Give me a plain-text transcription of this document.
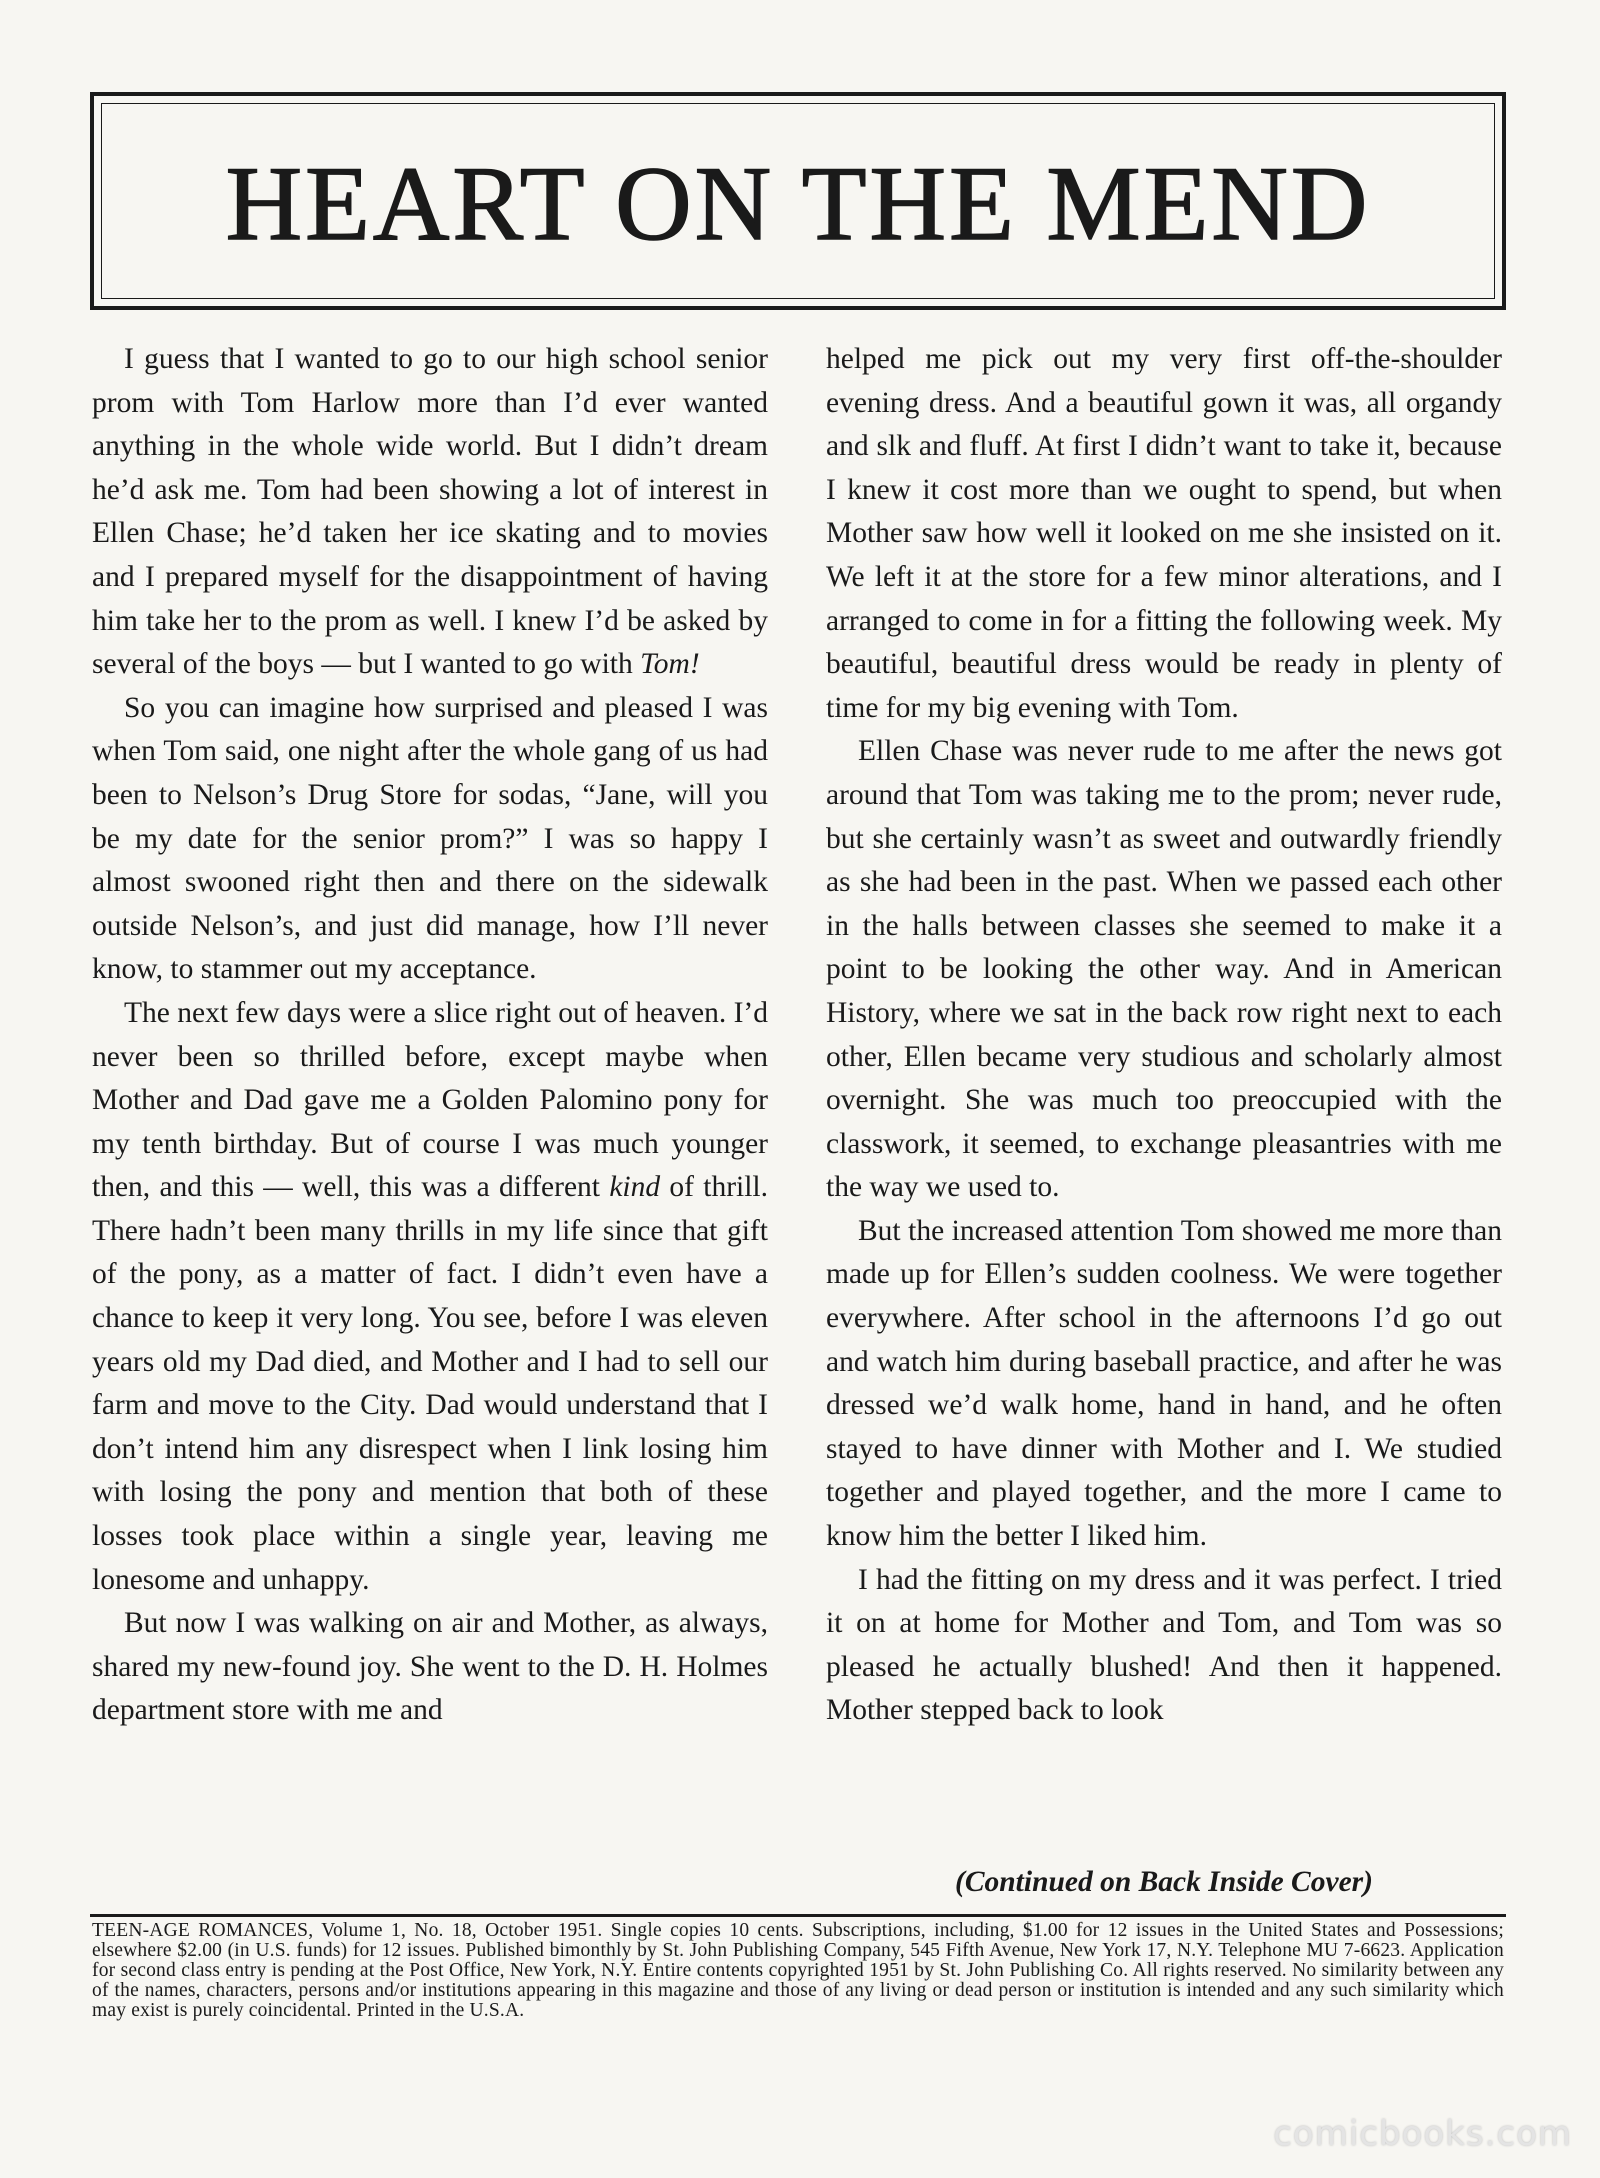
HEART ON THE MEND

I guess that I wanted to go to our high school senior prom with Tom Harlow more than I’d ever wanted anything in the whole wide world. But I didn’t dream he’d ask me. Tom had been showing a lot of interest in Ellen Chase; he’d taken her ice skating and to movies and I prepared myself for the disappointment of having him take her to the prom as well. I knew I’d be asked by several of the boys — but I wanted to go with Tom!

So you can imagine how surprised and pleased I was when Tom said, one night after the whole gang of us had been to Nelson’s Drug Store for sodas, “Jane, will you be my date for the senior prom?” I was so happy I almost swooned right then and there on the sidewalk outside Nelson’s, and just did manage, how I’ll never know, to stammer out my acceptance.

The next few days were a slice right out of heaven. I’d never been so thrilled before, except maybe when Mother and Dad gave me a Golden Palomino pony for my tenth birthday. But of course I was much younger then, and this — well, this was a different kind of thrill. There hadn’t been many thrills in my life since that gift of the pony, as a matter of fact. I didn’t even have a chance to keep it very long. You see, before I was eleven years old my Dad died, and Mother and I had to sell our farm and move to the City. Dad would understand that I don’t intend him any disrespect when I link losing him with losing the pony and mention that both of these losses took place within a single year, leaving me lonesome and unhappy.

But now I was walking on air and Mother, as always, shared my new-found joy. She went to the D. H. Holmes department store with me and

helped me pick out my very first off-the-shoulder evening dress. And a beautiful gown it was, all organdy and slk and fluff. At first I didn’t want to take it, because I knew it cost more than we ought to spend, but when Mother saw how well it looked on me she insisted on it. We left it at the store for a few minor alterations, and I arranged to come in for a fitting the following week. My beautiful, beautiful dress would be ready in plenty of time for my big evening with Tom.

Ellen Chase was never rude to me after the news got around that Tom was taking me to the prom; never rude, but she certainly wasn’t as sweet and outwardly friendly as she had been in the past. When we passed each other in the halls between classes she seemed to make it a point to be looking the other way. And in American History, where we sat in the back row right next to each other, Ellen became very studious and scholarly almost overnight. She was much too preoccupied with the classwork, it seemed, to exchange pleasantries with me the way we used to.

But the increased attention Tom showed me more than made up for Ellen’s sudden coolness. We were together everywhere. After school in the afternoons I’d go out and watch him during baseball practice, and after he was dressed we’d walk home, hand in hand, and he often stayed to have dinner with Mother and I. We studied together and played together, and the more I came to know him the better I liked him.

I had the fitting on my dress and it was perfect. I tried it on at home for Mother and Tom, and Tom was so pleased he actually blushed! And then it happened. Mother stepped back to look

(Continued on Back Inside Cover)
TEEN-AGE ROMANCES, Volume 1, No. 18, October 1951. Single copies 10 cents. Subscriptions, including, $1.00 for 12 issues in the United States and Possessions; elsewhere $2.00 (in U.S. funds) for 12 issues. Published bimonthly by St. John Publishing Company, 545 Fifth Avenue, New York 17, N.Y. Telephone MU 7-6623. Application for second class entry is pending at the Post Office, New York, N.Y. Entire contents copyrighted 1951 by St. John Publishing Co. All rights reserved. No similarity between any of the names, characters, persons and/or institutions appearing in this magazine and those of any living or dead person or institution is intended and any such similarity which may exist is purely coincidental. Printed in the U.S.A.
comicbooks.com
